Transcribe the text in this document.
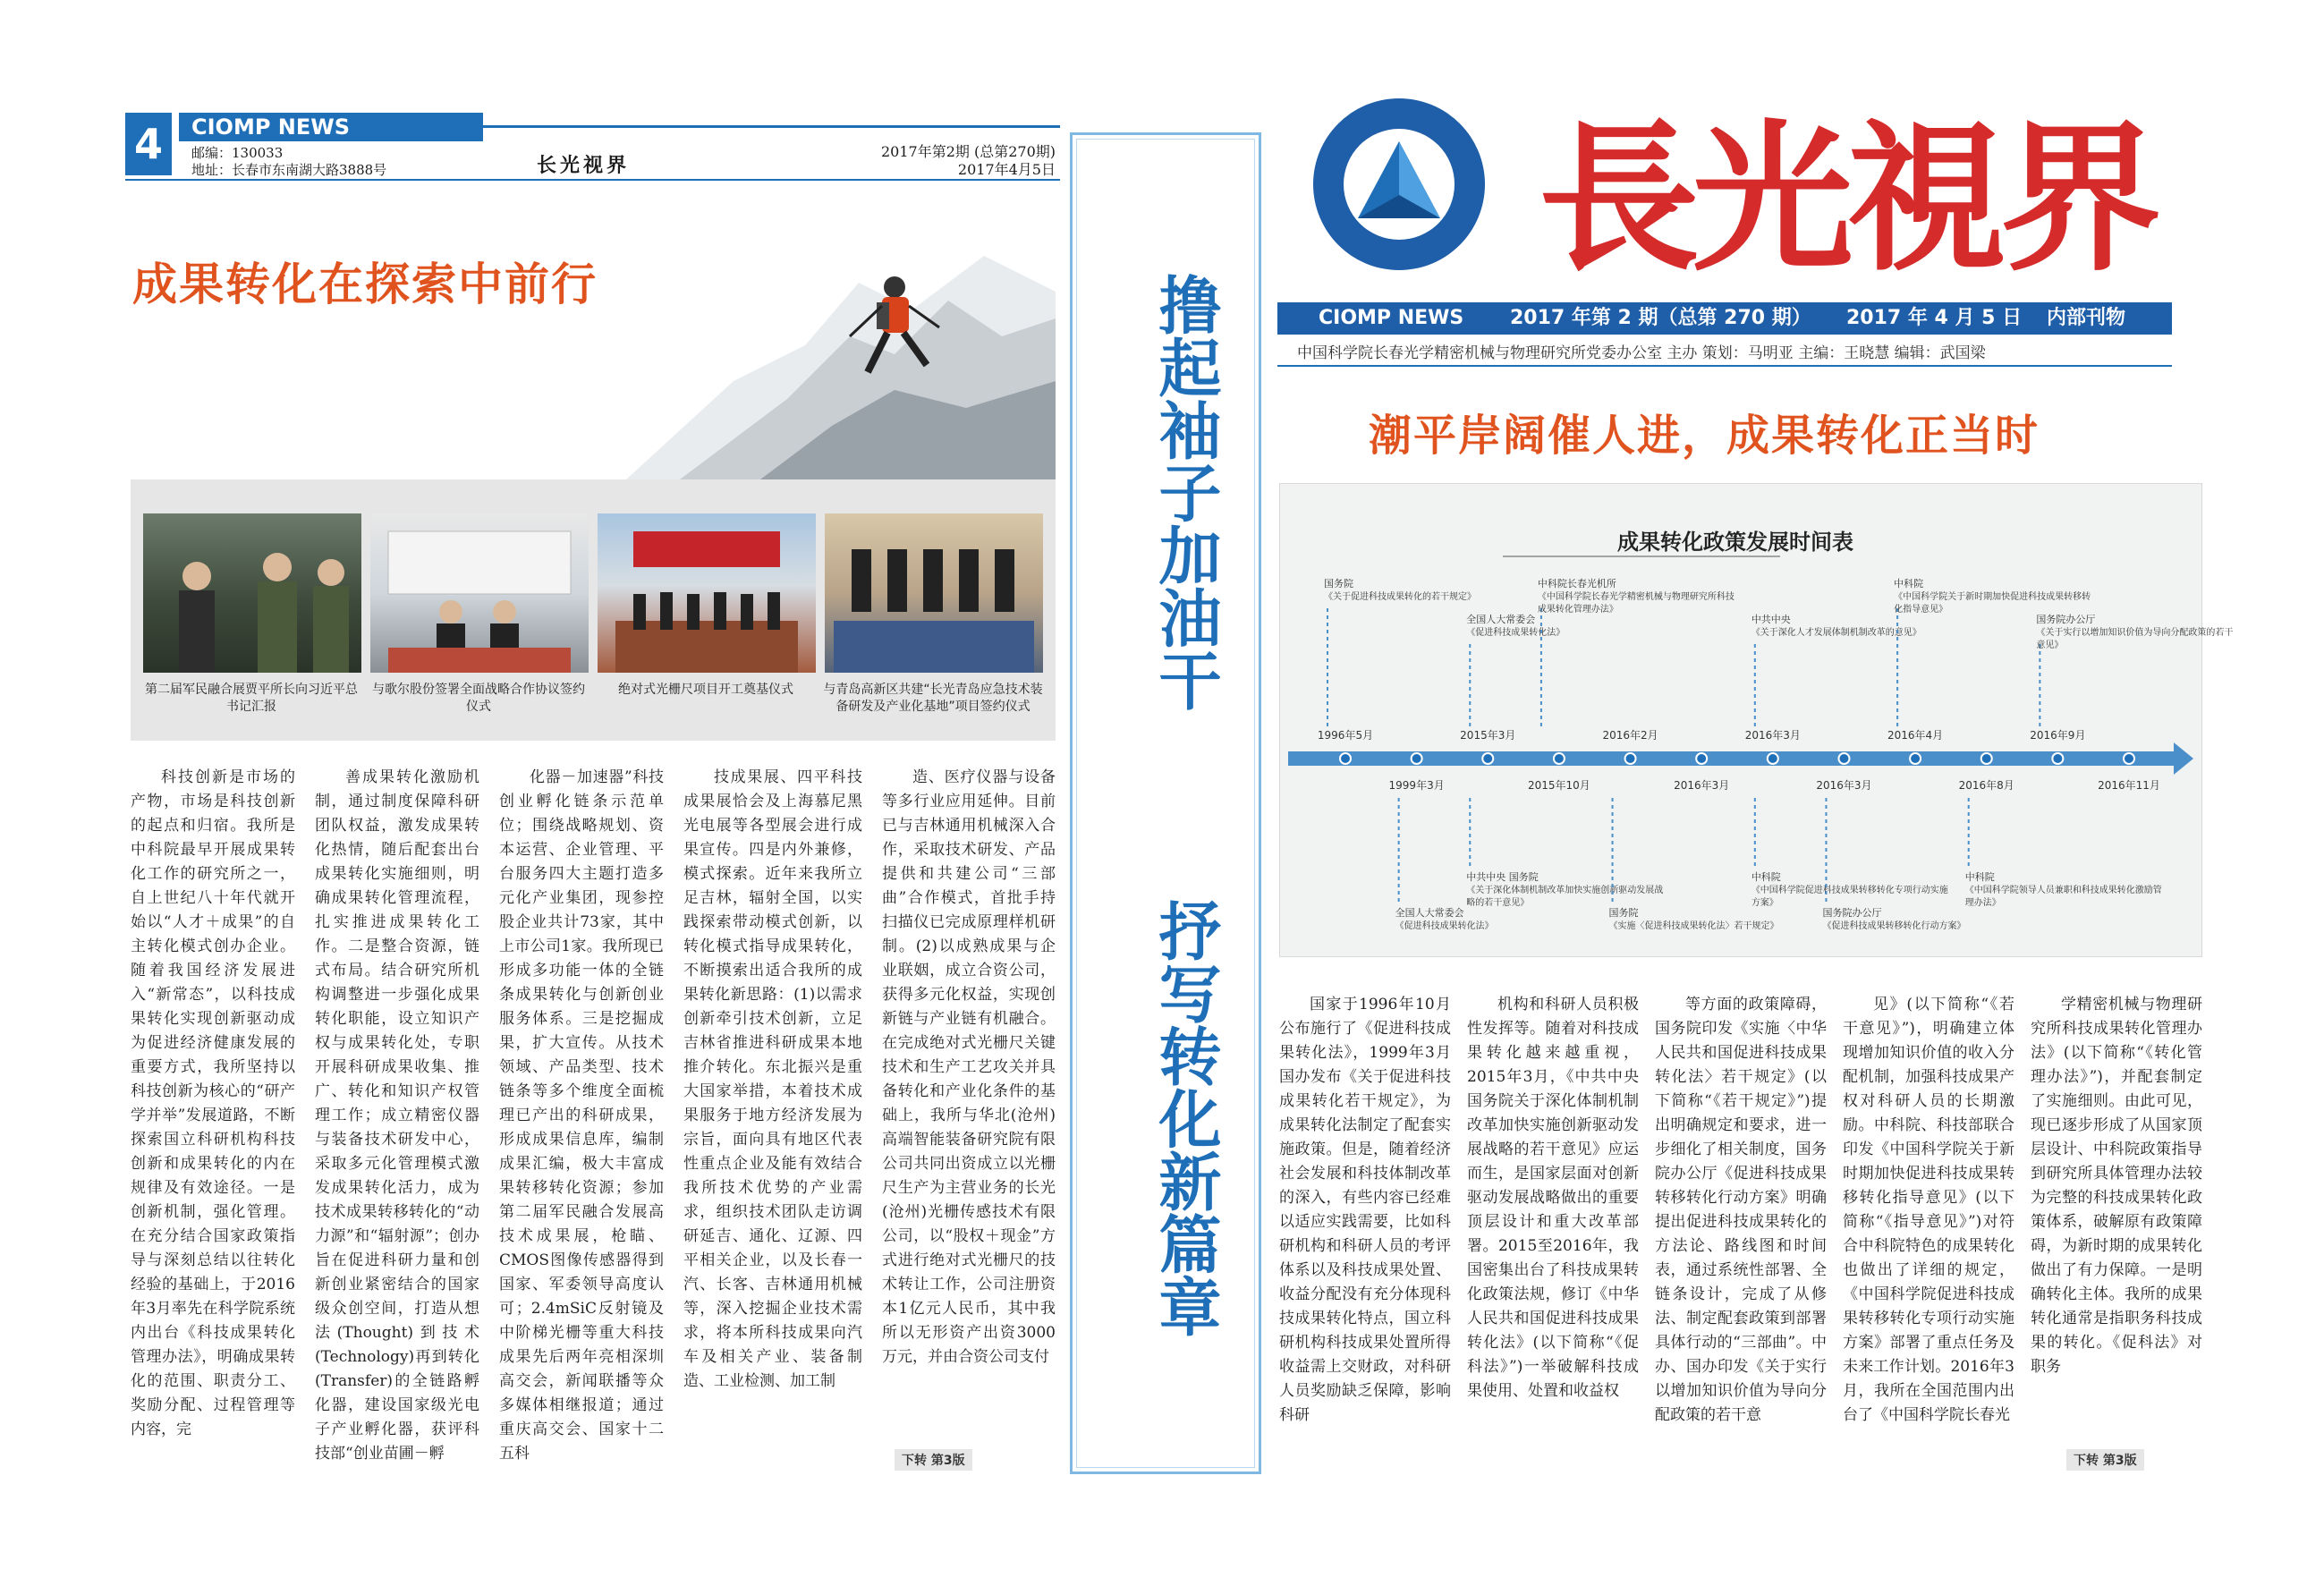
4	CIOMP NEWS
邮编：130033
地址：长春市东南湖大路3888号	长光视界
2017年第2期 (总第270期)
2017年4月5日
成果转化在探索中前行
第二届军民融合展贾平所长向习近平总书记汇报
与歌尔股份签署全面战略合作协议签约仪式
绝对式光栅尺项目开工奠基仪式	与青岛高新区共建“长光青岛应急技术装备研发及产业化基地”项目签约仪式

科技创新是市场的产物，市场是科技创新的起点和归宿。我所是中科院最早开展成果转化工作的研究所之一，自上世纪八十年代就开始以“人才＋成果”的自主转化模式创办企业。随着我国经济发展进入“新常态”，以科技成果转化实现创新驱动成为促进经济健康发展的重要方式，我所坚持以科技创新为核心的“研产学并举”发展道路，不断探索国立科研机构科技创新和成果转化的内在规律及有效途径。一是创新机制，强化管理。在充分结合国家政策指导与深刻总结以往转化经验的基础上，于2016年3月率先在科学院系统内出台《科技成果转化管理办法》，明确成果转化的范围、职责分工、奖励分配、过程管理等内容，完

善成果转化激励机制，通过制度保障科研团队权益，激发成果转化热情，随后配套出台成果转化实施细则，明确成果转化管理流程，扎实推进成果转化工作。二是整合资源，链式布局。结合研究所机构调整进一步强化成果转化职能，设立知识产权与成果转化处，专职开展科研成果收集、推广、转化和知识产权管理工作；成立精密仪器与装备技术研发中心，采取多元化管理模式激发成果转化活力，成为技术成果转移转化的“动力源”和“辐射源”；创办旨在促进科研力量和创新创业紧密结合的国家级众创空间，打造从想法(Thought)到技术(Technology)再到转化(Transfer)的全链路孵化器，建设国家级光电子产业孵化器，获评科技部“创业苗圃－孵

化器－加速器”科技创业孵化链条示范单位；围绕战略规划、资本运营、企业管理、平台服务四大主题打造多元化产业集团，现参控股企业共计73家，其中上市公司1家。我所现已形成多功能一体的全链条成果转化与创新创业服务体系。三是挖掘成果，扩大宣传。从技术领域、产品类型、技术链条等多个维度全面梳理已产出的科研成果，形成成果信息库，编制成果汇编，极大丰富成果转移转化资源；参加第二届军民融合发展高技术成果展，枪瞄、CMOS图像传感器得到国家、军委领导高度认可；2.4mSiC反射镜及中阶梯光栅等重大科技成果先后两年亮相深圳高交会，新闻联播等众多媒体相继报道；通过重庆高交会、国家十二五科

技成果展、四平科技成果展恰会及上海慕尼黑光电展等各型展会进行成果宣传。四是内外兼修，模式探索。近年来我所立足吉林，辐射全国，以实践探索带动模式创新，以转化模式指导成果转化，不断摸索出适合我所的成果转化新思路：(1)以需求创新牵引技术创新，立足吉林省推进科研成果本地推介转化。东北振兴是重大国家举措，本着技术成果服务于地方经济发展为宗旨，面向具有地区代表性重点企业及能有效结合我所技术优势的产业需求，组织技术团队走访调研延吉、通化、辽源、四平相关企业，以及长春一汽、长客、吉林通用机械等，深入挖掘企业技术需求，将本所科技成果向汽车及相关产业、装备制造、工业检测、加工制

造、医疗仪器与设备等多行业应用延伸。目前已与吉林通用机械深入合作，采取技术研发、产品提供和共建公司“三部曲”合作模式，首批手持扫描仪已完成原理样机研制。(2)以成熟成果与企业联姻，成立合资公司，获得多元化权益，实现创新链与产业链有机融合。在完成绝对式光栅尺关键技术和生产工艺攻关并具备转化和产业化条件的基础上，我所与华北(沧州)高端智能装备研究院有限公司共同出资成立以光栅尺生产为主营业务的长光(沧州)光栅传感技术有限公司，以“股权＋现金”方式进行绝对式光栅尺的技术转让工作，公司注册资本1亿元人民币，其中我所以无形资产出资3000万元，并由合资公司支付

下转 第3版
撸起袖子加油干
抒写转化新篇章
長光視界
CIOMP NEWS 2017 年第 2 期（总第 270 期） 2017 年 4 月 5 日 内部刊物
中国科学院长春光学精密机械与物理研究所党委办公室 主办 策划：马明亚 主编：王晓慧 编辑：武国梁
潮平岸阔催人进，成果转化正当时
成果转化政策发展时间表
1996年5月
1999年3月
2015年3月
2015年10月
2016年2月
2016年3月
2016年3月
2016年3月
2016年4月
2016年8月
2016年9月
2016年11月
国务院
《关于促进科技成果转化的若干规定》
全国人大常委会
《促进科技成果转化法》
中科院长春光机所
《中国科学院长春光学精密机械与物理研究所科技
成果转化管理办法》
中共中央
《关于深化人才发展体制机制改革的意见》
中科院
《中国科学院关于新时期加快促进科技成果转移转
化指导意见》
国务院办公厅
《关于实行以增加知识价值为导向分配政策的若干
意见》
全国人大常委会
《促进科技成果转化法》
中共中央 国务院
《关于深化体制机制改革加快实施创新驱动发展战
略的若干意见》
国务院
《实施〈促进科技成果转化法〉若干规定》
中科院
《中国科学院促进科技成果转移转化专项行动实施
方案》
国务院办公厅
《促进科技成果转移转化行动方案》
中科院
《中国科学院领导人员兼职和科技成果转化激励管
理办法》

国家于1996年10月公布施行了《促进科技成果转化法》，1999年3月国办发布《关于促进科技成果转化若干规定》，为成果转化法制定了配套实施政策。但是，随着经济社会发展和科技体制改革的深入，有些内容已经难以适应实践需要，比如科研机构和科研人员的考评体系以及科技成果处置、收益分配没有充分体现科技成果转化特点，国立科研机构科技成果处置所得收益需上交财政，对科研人员奖励缺乏保障，影响科研

机构和科研人员积极性发挥等。随着对科技成果转化越来越重视，2015年3月，《中共中央国务院关于深化体制机制改革加快实施创新驱动发展战略的若干意见》应运而生，是国家层面对创新驱动发展战略做出的重要顶层设计和重大改革部署。2015至2016年，我国密集出台了科技成果转化政策法规，修订《中华人民共和国促进科技成果转化法》(以下简称“《促科法》”)一举破解科技成果使用、处置和收益权

等方面的政策障碍，国务院印发《实施〈中华人民共和国促进科技成果转化法〉若干规定》(以下简称“《若干规定》”)提出明确规定和要求，进一步细化了相关制度，国务院办公厅《促进科技成果转移转化行动方案》明确提出促进科技成果转化的方法论、路线图和时间表，通过系统性部署、全链条设计，完成了从修法、制定配套政策到部署具体行动的“三部曲”。中办、国办印发《关于实行以增加知识价值为导向分配政策的若干意

见》(以下简称“《若干意见》”)，明确建立体现增加知识价值的收入分配机制，加强科技成果产权对科研人员的长期激励。中科院、科技部联合印发《中国科学院关于新时期加快促进科技成果转移转化指导意见》(以下简称“《指导意见》”)对符合中科院特色的成果转化也做出了详细的规定，《中国科学院促进科技成果转移转化专项行动实施方案》部署了重点任务及未来工作计划。2016年3月，我所在全国范围内出台了《中国科学院长春光

学精密机械与物理研究所科技成果转化管理办法》(以下简称“《转化管理办法》”)，并配套制定了实施细则。由此可见，现已逐步形成了从国家顶层设计、中科院政策指导到研究所具体管理办法较为完整的科技成果转化政策体系，破解原有政策障碍，为新时期的成果转化做出了有力保障。一是明确转化主体。我所的成果转化通常是指职务科技成果的转化。《促科法》对职务

下转 第3版
